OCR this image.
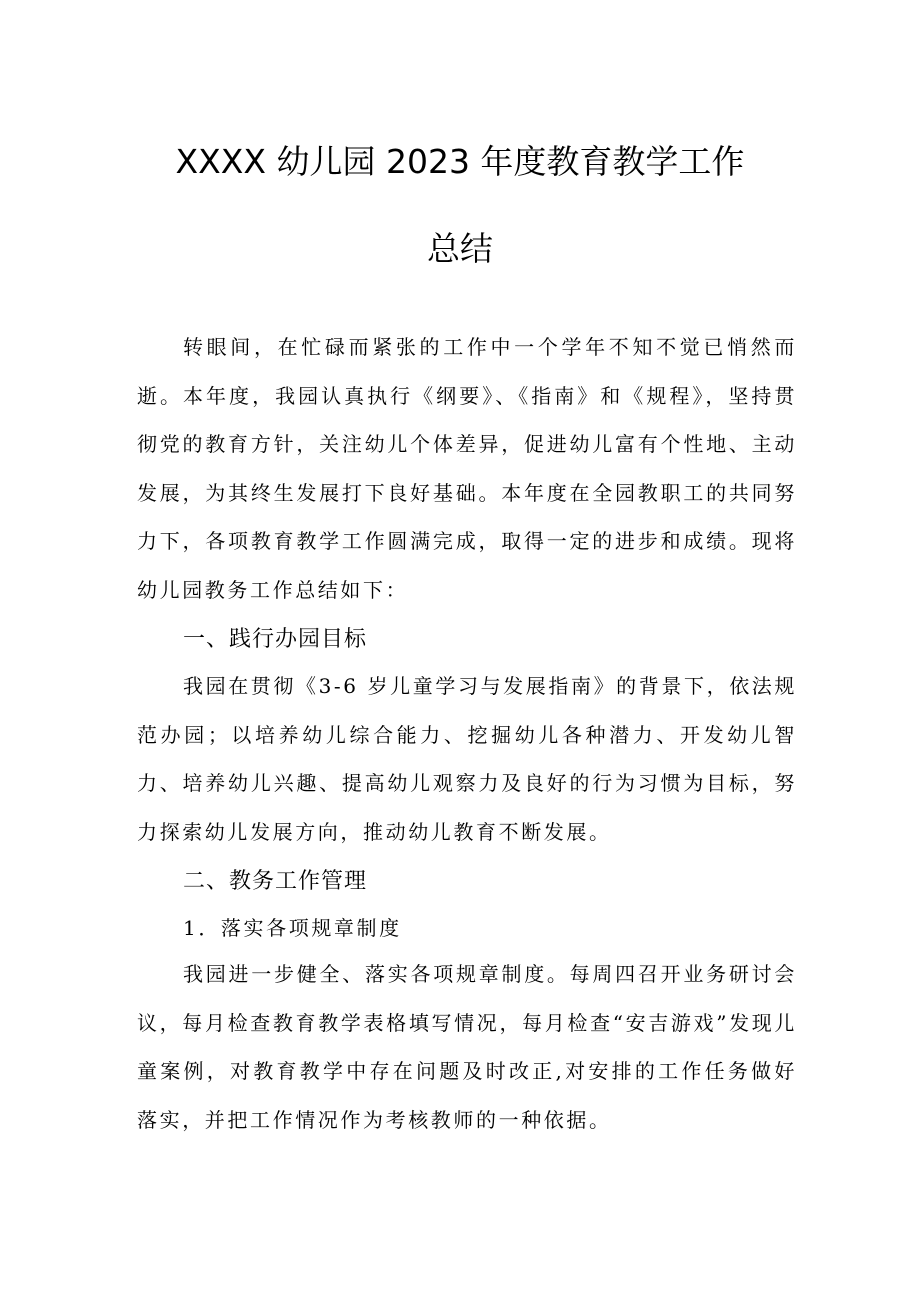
XXXX 幼儿园 2023 年度教育教学工作
总结

转眼间，在忙碌而紧张的工作中一个学年不知不觉已悄然而逝。本年度，我园认真执行《纲要》、《指南》和《规程》，坚持贯彻党的教育方针，关注幼儿个体差异，促进幼儿富有个性地、主动发展，为其终生发展打下良好基础。本年度在全园教职工的共同努力下，各项教育教学工作圆满完成，取得一定的进步和成绩。现将幼儿园教务工作总结如下：

一、践行办园目标

我园在贯彻《3-6 岁儿童学习与发展指南》的背景下，依法规范办园；以培养幼儿综合能力、挖掘幼儿各种潜力、开发幼儿智力、培养幼儿兴趣、提高幼儿观察力及良好的行为习惯为目标，努力探索幼儿发展方向，推动幼儿教育不断发展。

二、教务工作管理

1．落实各项规章制度

我园进一步健全、落实各项规章制度。每周四召开业务研讨会议，每月检查教育教学表格填写情况，每月检查“安吉游戏”发现儿童案例，对教育教学中存在问题及时改正,对安排的工作任务做好落实，并把工作情况作为考核教师的一种依据。
